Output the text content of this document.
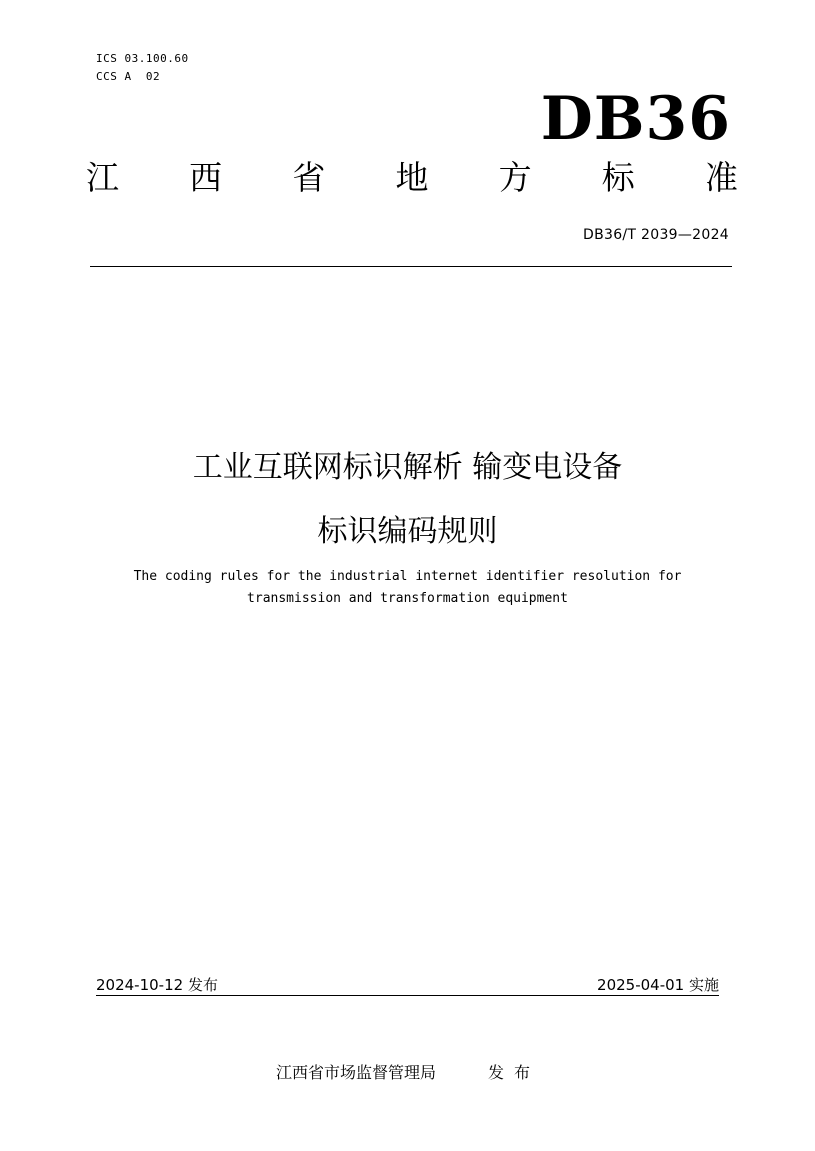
ICS 03.100.60
CCS A  02
DB36
江 西 省 地 方 标 准
DB36/T 2039—2024
工业互联网标识解析 输变电设备
标识编码规则
The coding rules for the industrial internet identifier resolution for
transmission and transformation equipment
2024-10-12 发布	2025-04-01 实施
江西省市场监督管理局	发布
